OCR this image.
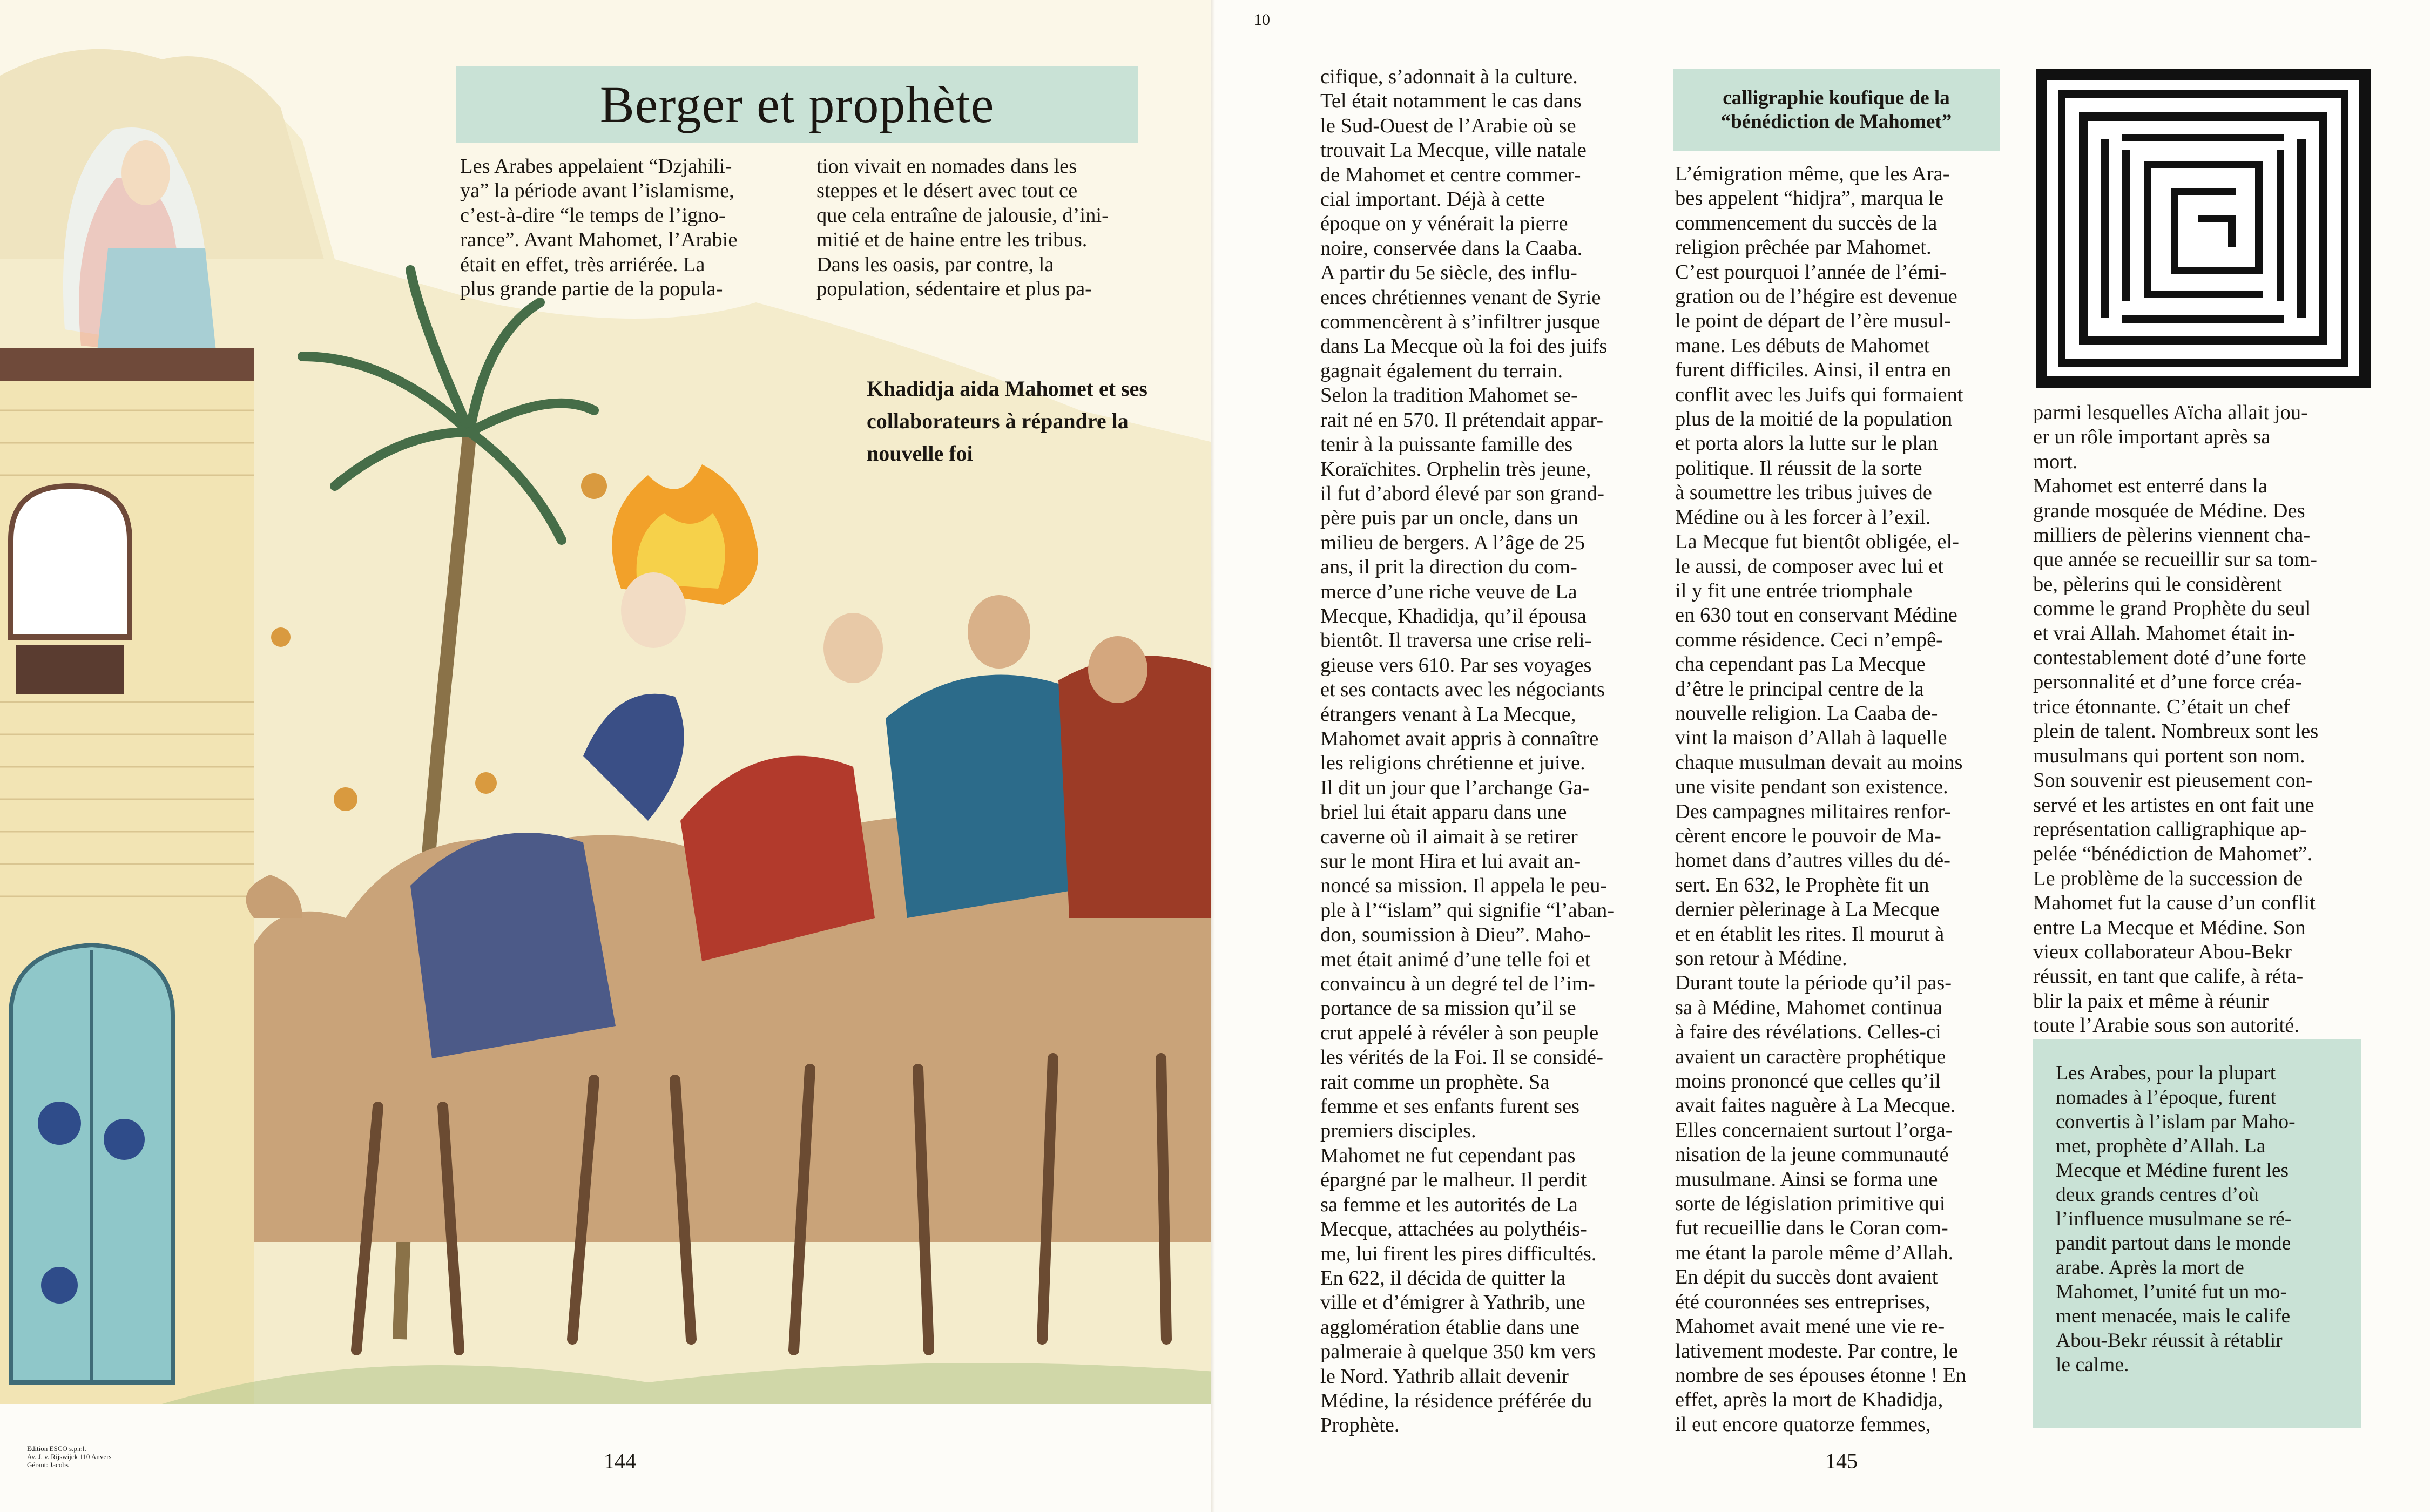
Berger et prophète
Les Arabes appelaient “Dzjahili-
ya” la période avant l’islamisme,
c’est-à-dire “le temps de l’igno-
rance”. Avant Mahomet, l’Arabie
était en effet, très arriérée. La
plus grande partie de la popula-
tion vivait en nomades dans les
steppes et le désert avec tout ce
que cela entraîne de jalousie, d’ini-
mitié et de haine entre les tribus.
Dans les oasis, par contre, la
population, sédentaire et plus pa-
Khadidja aida Mahomet et ses collaborateurs à répandre la nouvelle foi
Edition ESCO s.p.r.l.
Av. J. v. Rijswijck 110 Anvers
Gérant: Jacobs	144
10
cifique, s’adonnait à la culture.
Tel était notamment le cas dans
le Sud-Ouest de l’Arabie où se
trouvait La Mecque, ville natale
de Mahomet et centre commer-
cial important. Déjà à cette
époque on y vénérait la pierre
noire, conservée dans la Caaba.
A partir du 5e siècle, des influ-
ences chrétiennes venant de Syrie
commencèrent à s’infiltrer jusque
dans La Mecque où la foi des juifs
gagnait également du terrain.
Selon la tradition Mahomet se-
rait né en 570. Il prétendait appar-
tenir à la puissante famille des
Koraïchites. Orphelin très jeune,
il fut d’abord élevé par son grand-
père puis par un oncle, dans un
milieu de bergers. A l’âge de 25
ans, il prit la direction du com-
merce d’une riche veuve de La
Mecque, Khadidja, qu’il épousa
bientôt. Il traversa une crise reli-
gieuse vers 610. Par ses voyages
et ses contacts avec les négociants
étrangers venant à La Mecque,
Mahomet avait appris à connaître
les religions chrétienne et juive.
Il dit un jour que l’archange Ga-
briel lui était apparu dans une
caverne où il aimait à se retirer
sur le mont Hira et lui avait an-
noncé sa mission. Il appela le peu-
ple à l’“islam” qui signifie “l’aban-
don, soumission à Dieu”. Maho-
met était animé d’une telle foi et
convaincu à un degré tel de l’im-
portance de sa mission qu’il se
crut appelé à révéler à son peuple
les vérités de la Foi. Il se considé-
rait comme un prophète. Sa
femme et ses enfants furent ses
premiers disciples.
Mahomet ne fut cependant pas
épargné par le malheur. Il perdit
sa femme et les autorités de La
Mecque, attachées au polythéis-
me, lui firent les pires difficultés.
En 622, il décida de quitter la
ville et d’émigrer à Yathrib, une
agglomération établie dans une
palmeraie à quelque 350 km vers
le Nord. Yathrib allait devenir
Médine, la résidence préférée du
Prophète.
calligraphie koufique de la “bénédiction de Mahomet”
L’émigration même, que les Ara-
bes appelent “hidjra”, marqua le
commencement du succès de la
religion prêchée par Mahomet.
C’est pourquoi l’année de l’émi-
gration ou de l’hégire est devenue
le point de départ de l’ère musul-
mane. Les débuts de Mahomet
furent difficiles. Ainsi, il entra en
conflit avec les Juifs qui formaient
plus de la moitié de la population
et porta alors la lutte sur le plan
politique. Il réussit de la sorte
à soumettre les tribus juives de
Médine ou à les forcer à l’exil.
La Mecque fut bientôt obligée, el-
le aussi, de composer avec lui et
il y fit une entrée triomphale
en 630 tout en conservant Médine
comme résidence. Ceci n’empê-
cha cependant pas La Mecque
d’être le principal centre de la
nouvelle religion. La Caaba de-
vint la maison d’Allah à laquelle
chaque musulman devait au moins
une visite pendant son existence.
Des campagnes militaires renfor-
cèrent encore le pouvoir de Ma-
homet dans d’autres villes du dé-
sert. En 632, le Prophète fit un
dernier pèlerinage à La Mecque
et en établit les rites. Il mourut à
son retour à Médine.
Durant toute la période qu’il pas-
sa à Médine, Mahomet continua
à faire des révélations. Celles-ci
avaient un caractère prophétique
moins prononcé que celles qu’il
avait faites naguère à La Mecque.
Elles concernaient surtout l’orga-
nisation de la jeune communauté
musulmane. Ainsi se forma une
sorte de législation primitive qui
fut recueillie dans le Coran com-
me étant la parole même d’Allah.
En dépit du succès dont avaient
été couronnées ses entreprises,
Mahomet avait mené une vie re-
lativement modeste. Par contre, le
nombre de ses épouses étonne ! En
effet, après la mort de Khadidja,
il eut encore quatorze femmes,
parmi lesquelles Aïcha allait jou-
er un rôle important après sa
mort.
Mahomet est enterré dans la
grande mosquée de Médine. Des
milliers de pèlerins viennent cha-
que année se recueillir sur sa tom-
be, pèlerins qui le considèrent
comme le grand Prophète du seul
et vrai Allah. Mahomet était in-
contestablement doté d’une forte
personnalité et d’une force créa-
trice étonnante. C’était un chef
plein de talent. Nombreux sont les
musulmans qui portent son nom.
Son souvenir est pieusement con-
servé et les artistes en ont fait une
représentation calligraphique ap-
pelée “bénédiction de Mahomet”.
Le problème de la succession de
Mahomet fut la cause d’un conflit
entre La Mecque et Médine. Son
vieux collaborateur Abou-Bekr
réussit, en tant que calife, à réta-
blir la paix et même à réunir
toute l’Arabie sous son autorité.
Les Arabes, pour la plupart
nomades à l’époque, furent
convertis à l’islam par Maho-
met, prophète d’Allah. La
Mecque et Médine furent les
deux grands centres d’où
l’influence musulmane se ré-
pandit partout dans le monde
arabe. Après la mort de
Mahomet, l’unité fut un mo-
ment menacée, mais le calife
Abou-Bekr réussit à rétablir
le calme.
145
